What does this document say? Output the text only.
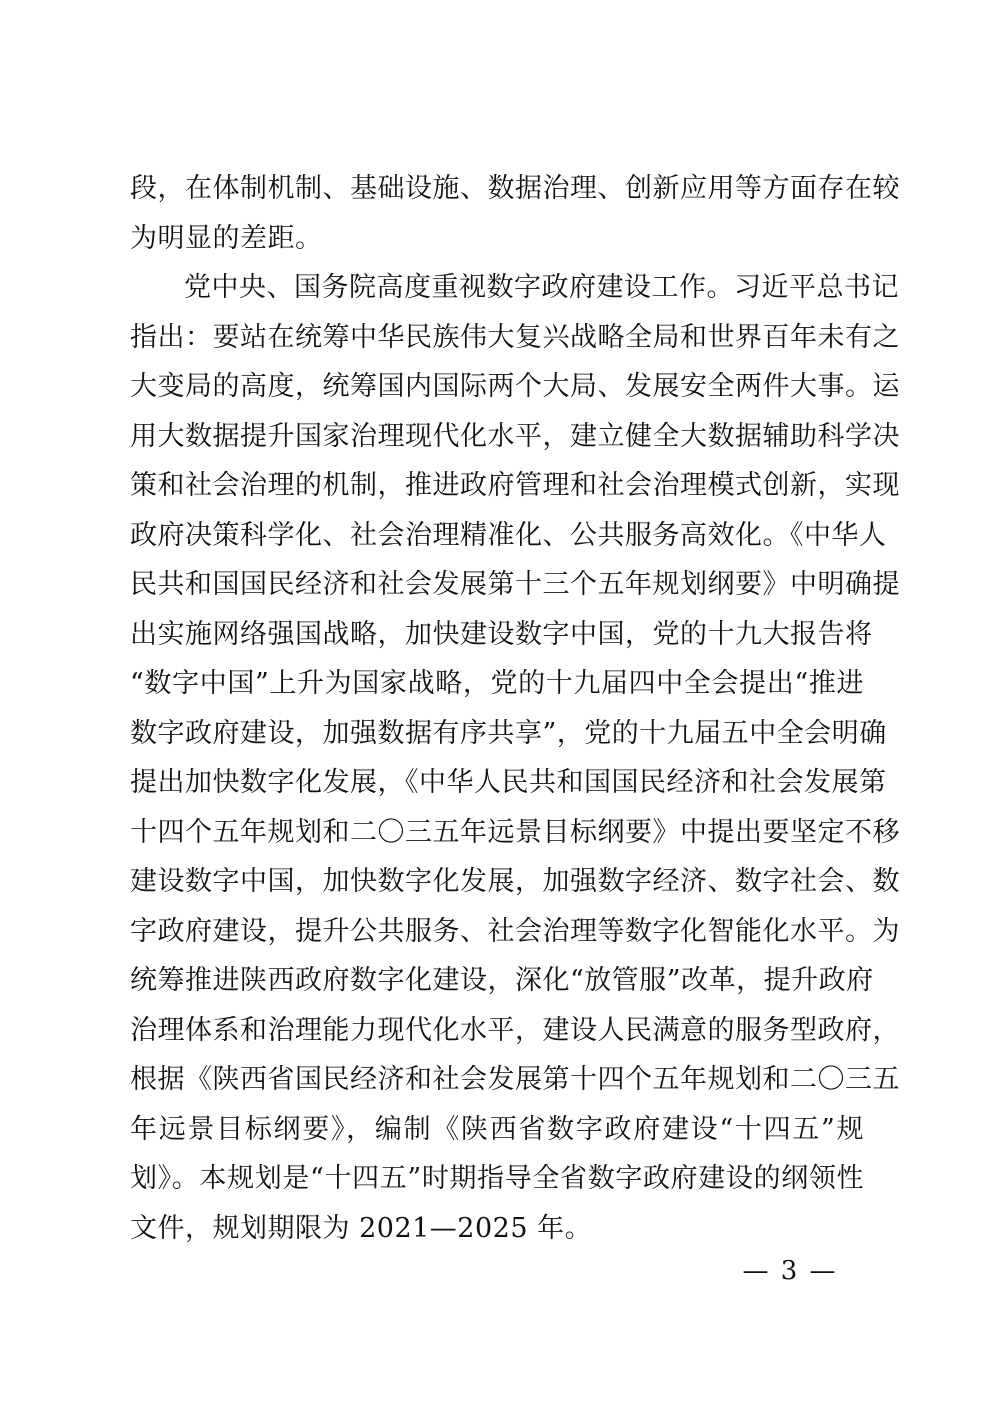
段，在体制机制、基础设施、数据治理、创新应用等方面存在较
为明显的差距。
党中央、国务院高度重视数字政府建设工作。习近平总书记
指出：要站在统筹中华民族伟大复兴战略全局和世界百年未有之
大变局的高度，统筹国内国际两个大局、发展安全两件大事。运
用大数据提升国家治理现代化水平，建立健全大数据辅助科学决
策和社会治理的机制，推进政府管理和社会治理模式创新，实现
政府决策科学化、社会治理精准化、公共服务高效化。《中华人
民共和国国民经济和社会发展第十三个五年规划纲要》中明确提
出实施网络强国战略，加快建设数字中国，党的十九大报告将
“数字中国”上升为国家战略，党的十九届四中全会提出“推进
数字政府建设，加强数据有序共享”，党的十九届五中全会明确
提出加快数字化发展，《中华人民共和国国民经济和社会发展第
十四个五年规划和二〇三五年远景目标纲要》中提出要坚定不移
建设数字中国，加快数字化发展，加强数字经济、数字社会、数
字政府建设，提升公共服务、社会治理等数字化智能化水平。为
统筹推进陕西政府数字化建设，深化“放管服”改革，提升政府
治理体系和治理能力现代化水平，建设人民满意的服务型政府，
根据《陕西省国民经济和社会发展第十四个五年规划和二〇三五
年远景目标纲要》，编制《陕西省数字政府建设“十四五”规
划》。本规划是“十四五”时期指导全省数字政府建设的纲领性
文件，规划期限为 2021—2025 年。
— 3 —
